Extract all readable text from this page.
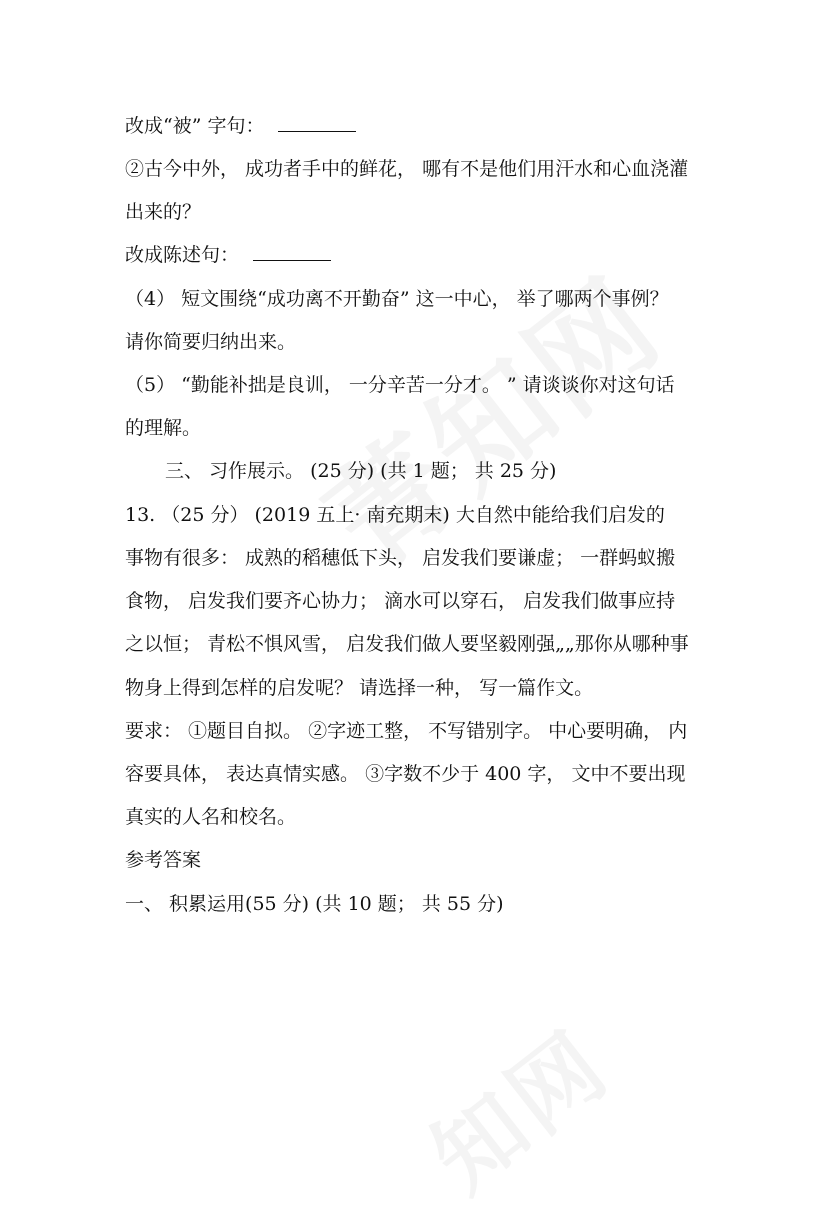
改成“被” 字句：
②古今中外， 成功者手中的鲜花， 哪有不是他们用汗水和心血浇灌
出来的？
改成陈述句：
（4） 短文围绕“成功离不开勤奋” 这一中心， 举了哪两个事例？
请你简要归纳出来。
（5） “勤能补拙是良训， 一分辛苦一分才。 ” 请谈谈你对这句话
的理解。
三、 习作展示。 (25 分) (共 1 题； 共 25 分)
13. （25 分） (2019 五上· 南充期末) 大自然中能给我们启发的
事物有很多： 成熟的稻穗低下头， 启发我们要谦虚； 一群蚂蚁搬
食物， 启发我们要齐心协力； 滴水可以穿石， 启发我们做事应持
之以恒； 青松不惧风雪， 启发我们做人要坚毅刚强„„那你从哪种事
物身上得到怎样的启发呢？ 请选择一种， 写一篇作文。
要求： ①题目自拟。 ②字迹工整， 不写错别字。 中心要明确， 内
容要具体， 表达真情实感。 ③字数不少于 400 字， 文中不要出现
真实的人名和校名。
参考答案
一、 积累运用(55 分) (共 10 题； 共 55 分)
